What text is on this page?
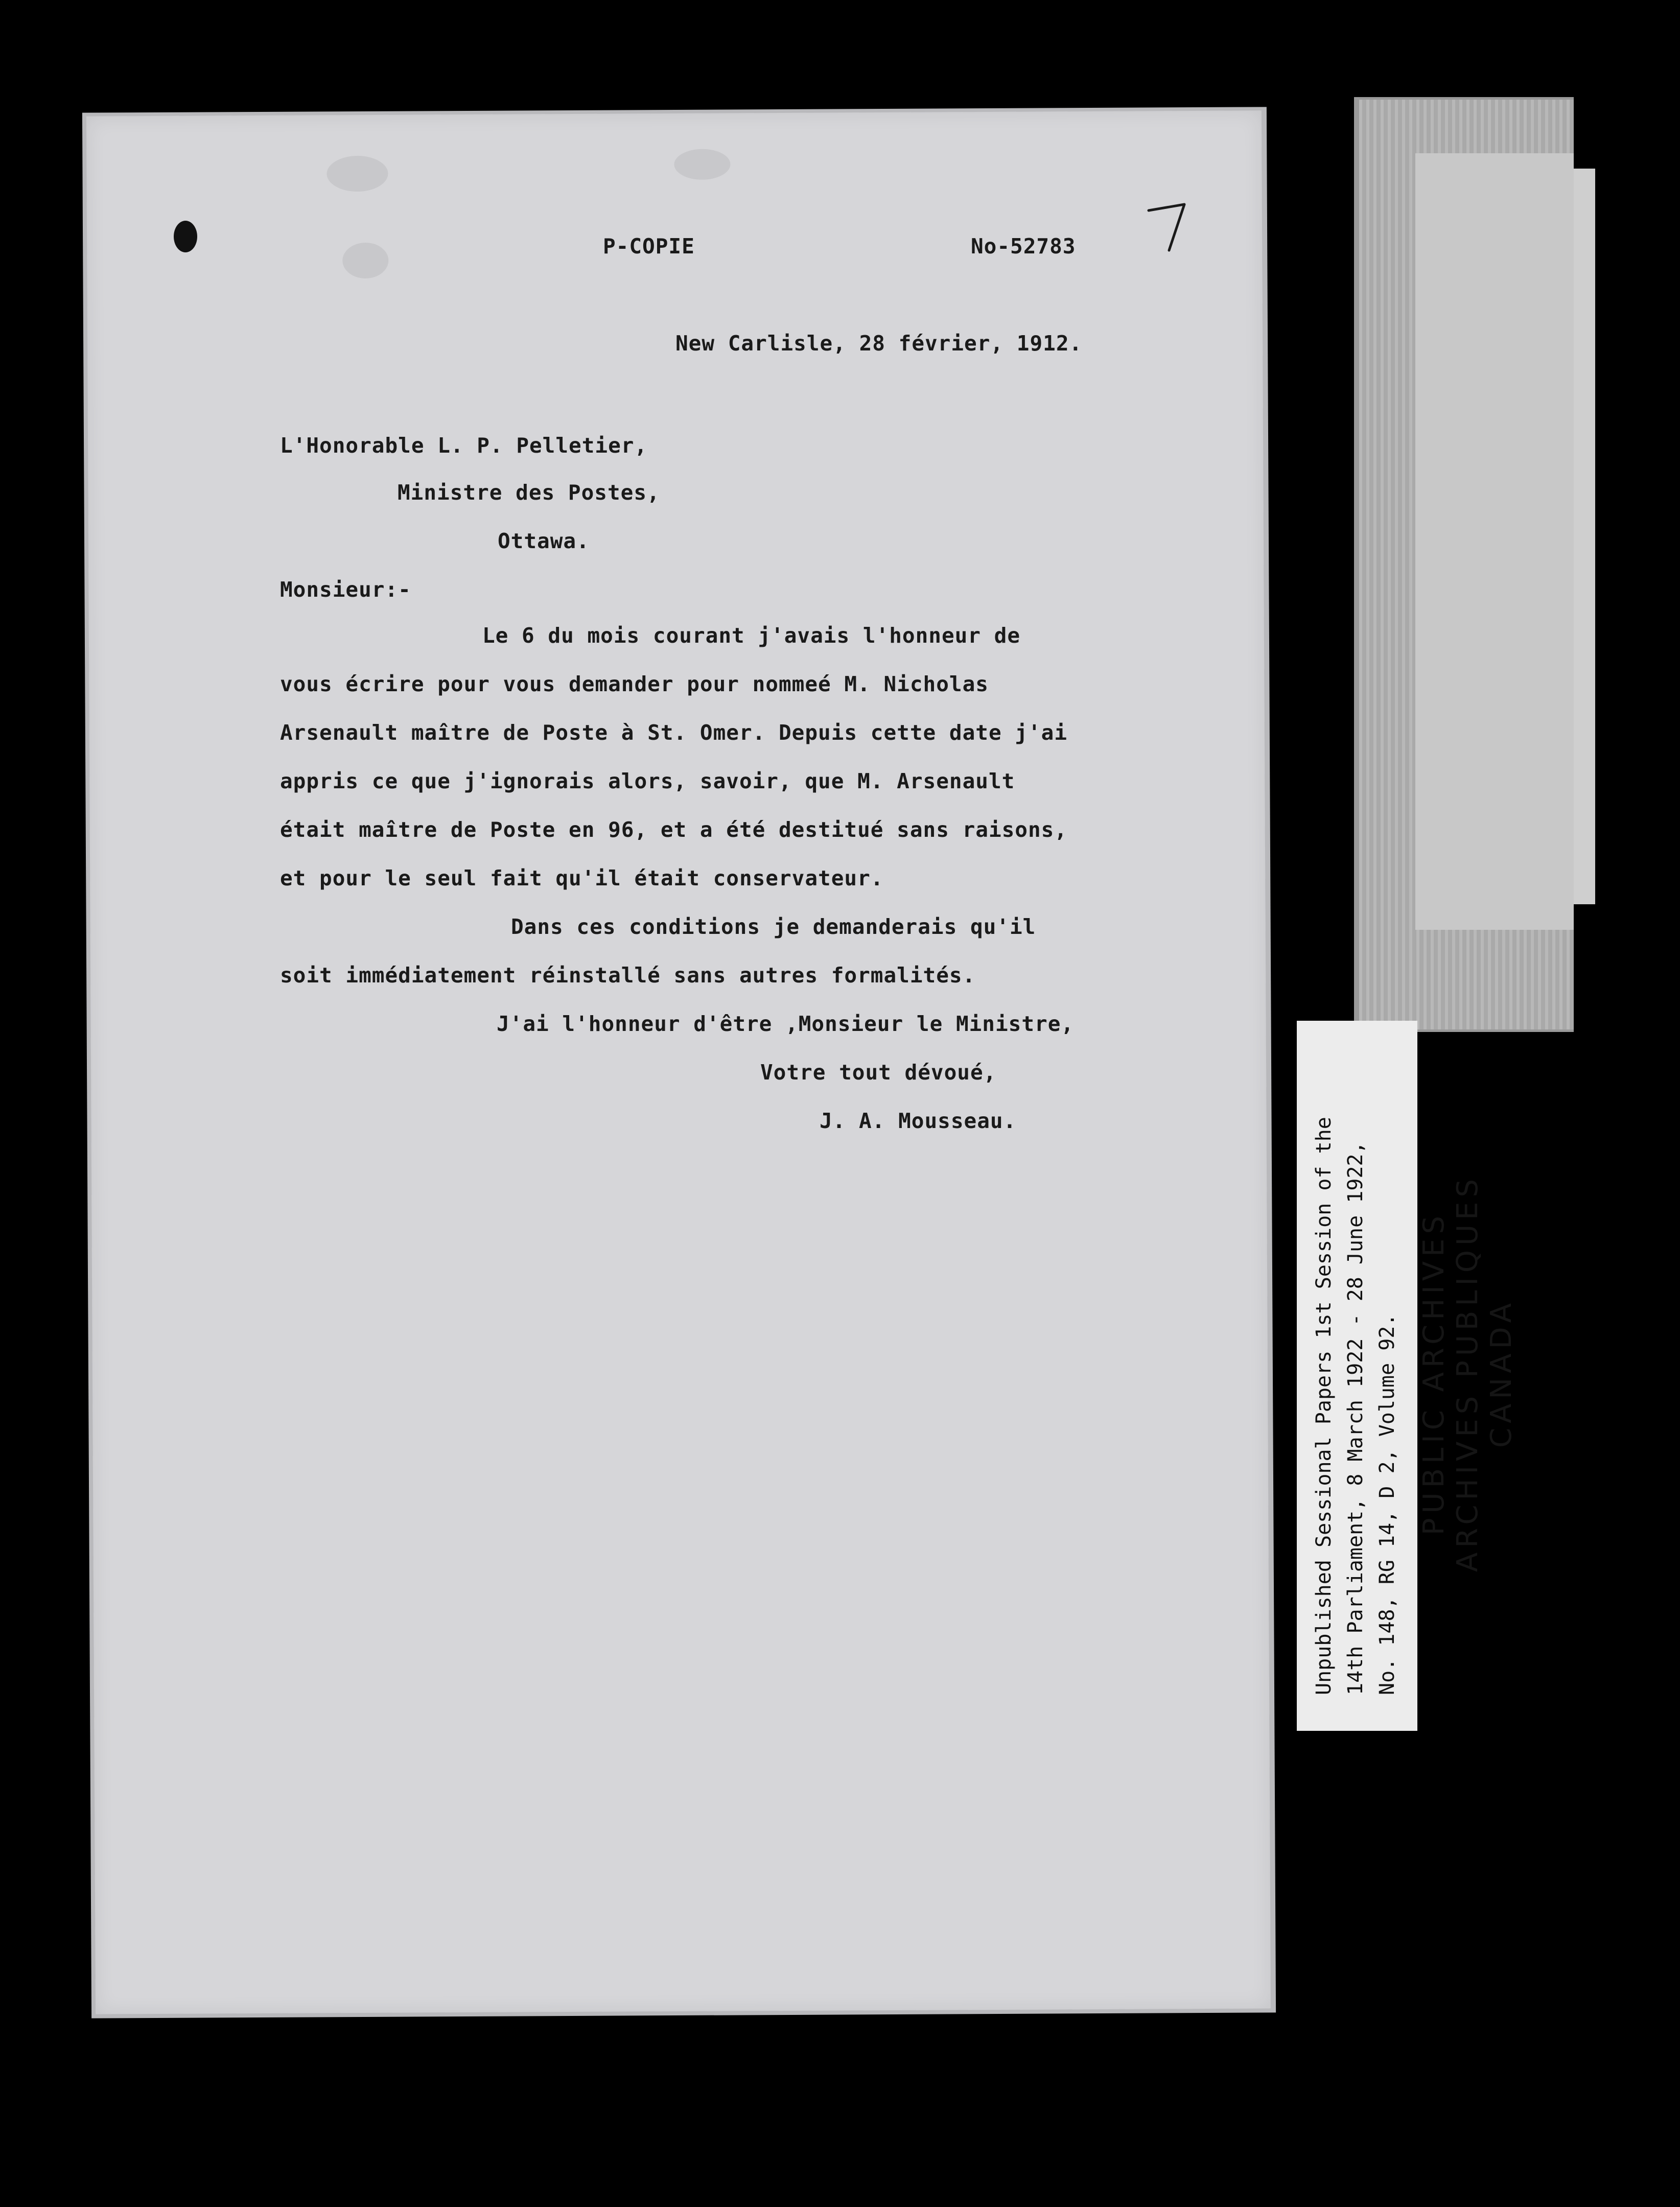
P-COPIE	No-52783
New Carlisle, 28 février, 1912.
L'Honorable L. P. Pelletier,
Ministre des Postes,
Ottawa.
Monsieur:-
Le 6 du mois courant j'avais l'honneur de
vous écrire pour vous demander pour nommeé M. Nicholas
Arsenault maître de Poste à St. Omer. Depuis cette date j'ai
appris ce que j'ignorais alors, savoir, que M. Arsenault
était maître de Poste en 96, et a été destitué sans raisons,
et pour le seul fait qu'il était conservateur.
Dans ces conditions je demanderais qu'il
soit immédiatement réinstallé sans autres formalités.
J'ai l'honneur d'être ,Monsieur le Ministre,
Votre tout dévoué,
J. A. Mousseau.	Unpublished Sessional Papers 1st Session of the 14th Parliament, 8 March 1922 - 28 June 1922, No. 148, RG 14, D 2, Volume 92. PUBLIC ARCHIVES ARCHIVES PUBLIQUES CANADA
